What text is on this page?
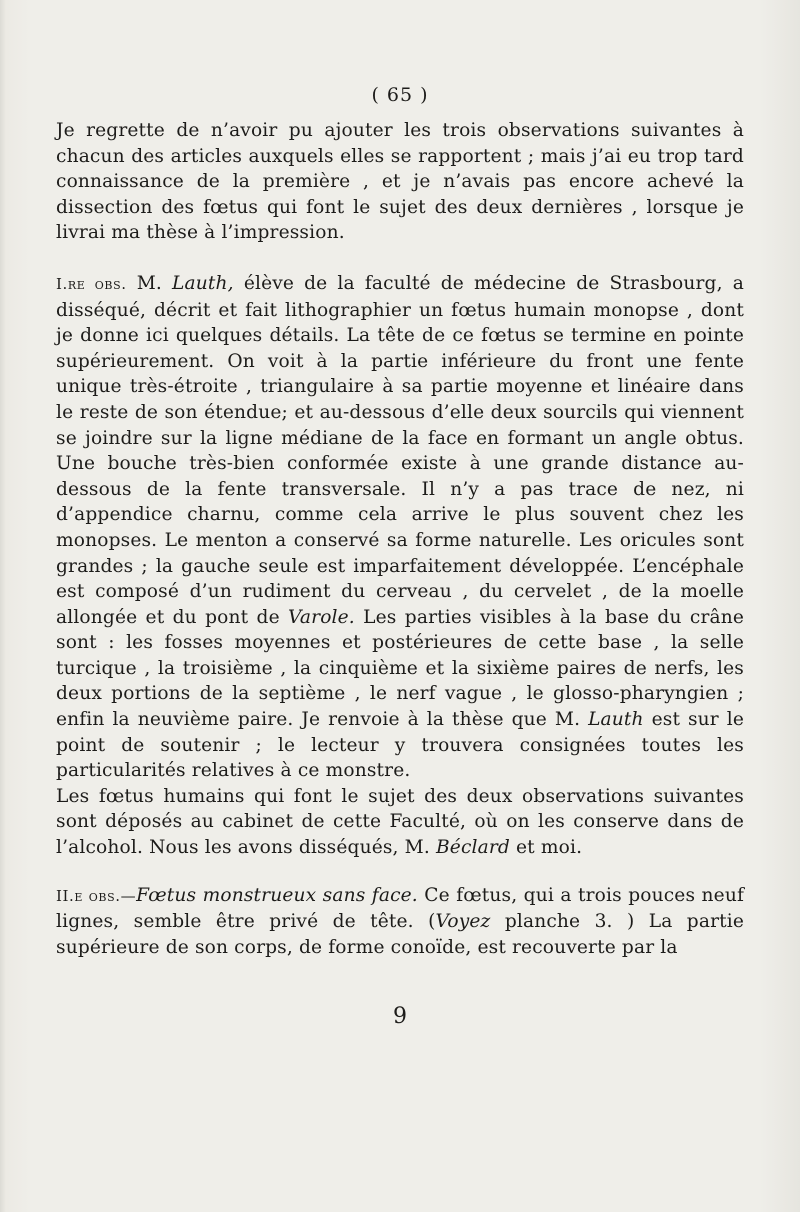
( 65 )

Je regrette de n’avoir pu ajouter les trois observations suivantes à chacun des articles auxquels elles se rapportent ; mais j’ai eu trop tard connaissance de la première , et je n’avais pas encore achevé la dissection des fœtus qui font le sujet des deux dernières , lorsque je livrai ma thèse à l’impression.

I.re obs. M. Lauth, élève de la faculté de médecine de Strasbourg, a disséqué, décrit et fait lithographier un fœtus humain monopse , dont je donne ici quelques détails. La tête de ce fœtus se termine en pointe supérieurement. On voit à la partie inférieure du front une fente unique très-étroite , triangulaire à sa partie moyenne et linéaire dans le reste de son étendue; et au-dessous d’elle deux sourcils qui viennent se joindre sur la ligne médiane de la face en formant un angle obtus. Une bouche très-bien conformée existe à une grande distance au-dessous de la fente transversale. Il n’y a pas trace de nez, ni d’appendice charnu, comme cela arrive le plus souvent chez les monopses. Le menton a conservé sa forme naturelle. Les oricules sont grandes ; la gauche seule est imparfaitement développée. L’encéphale est composé d’un rudiment du cerveau , du cervelet , de la moelle allongée et du pont de Varole. Les parties visibles à la base du crâne sont : les fosses moyennes et postérieures de cette base , la selle turcique , la troisième , la cinquième et la sixième paires de nerfs, les deux portions de la septième , le nerf vague , le glosso-pharyngien ; enfin la neuvième paire. Je renvoie à la thèse que M. Lauth est sur le point de soutenir ; le lecteur y trouvera consignées toutes les particularités relatives à ce monstre.

Les fœtus humains qui font le sujet des deux observations suivantes sont déposés au cabinet de cette Faculté, où on les conserve dans de l’alcohol. Nous les avons disséqués, M. Béclard et moi.

II.e obs.—Fœtus monstrueux sans face. Ce fœtus, qui a trois pouces neuf lignes, semble être privé de tête. (Voyez planche 3. ) La partie supérieure de son corps, de forme conoïde, est recouverte par la

9
